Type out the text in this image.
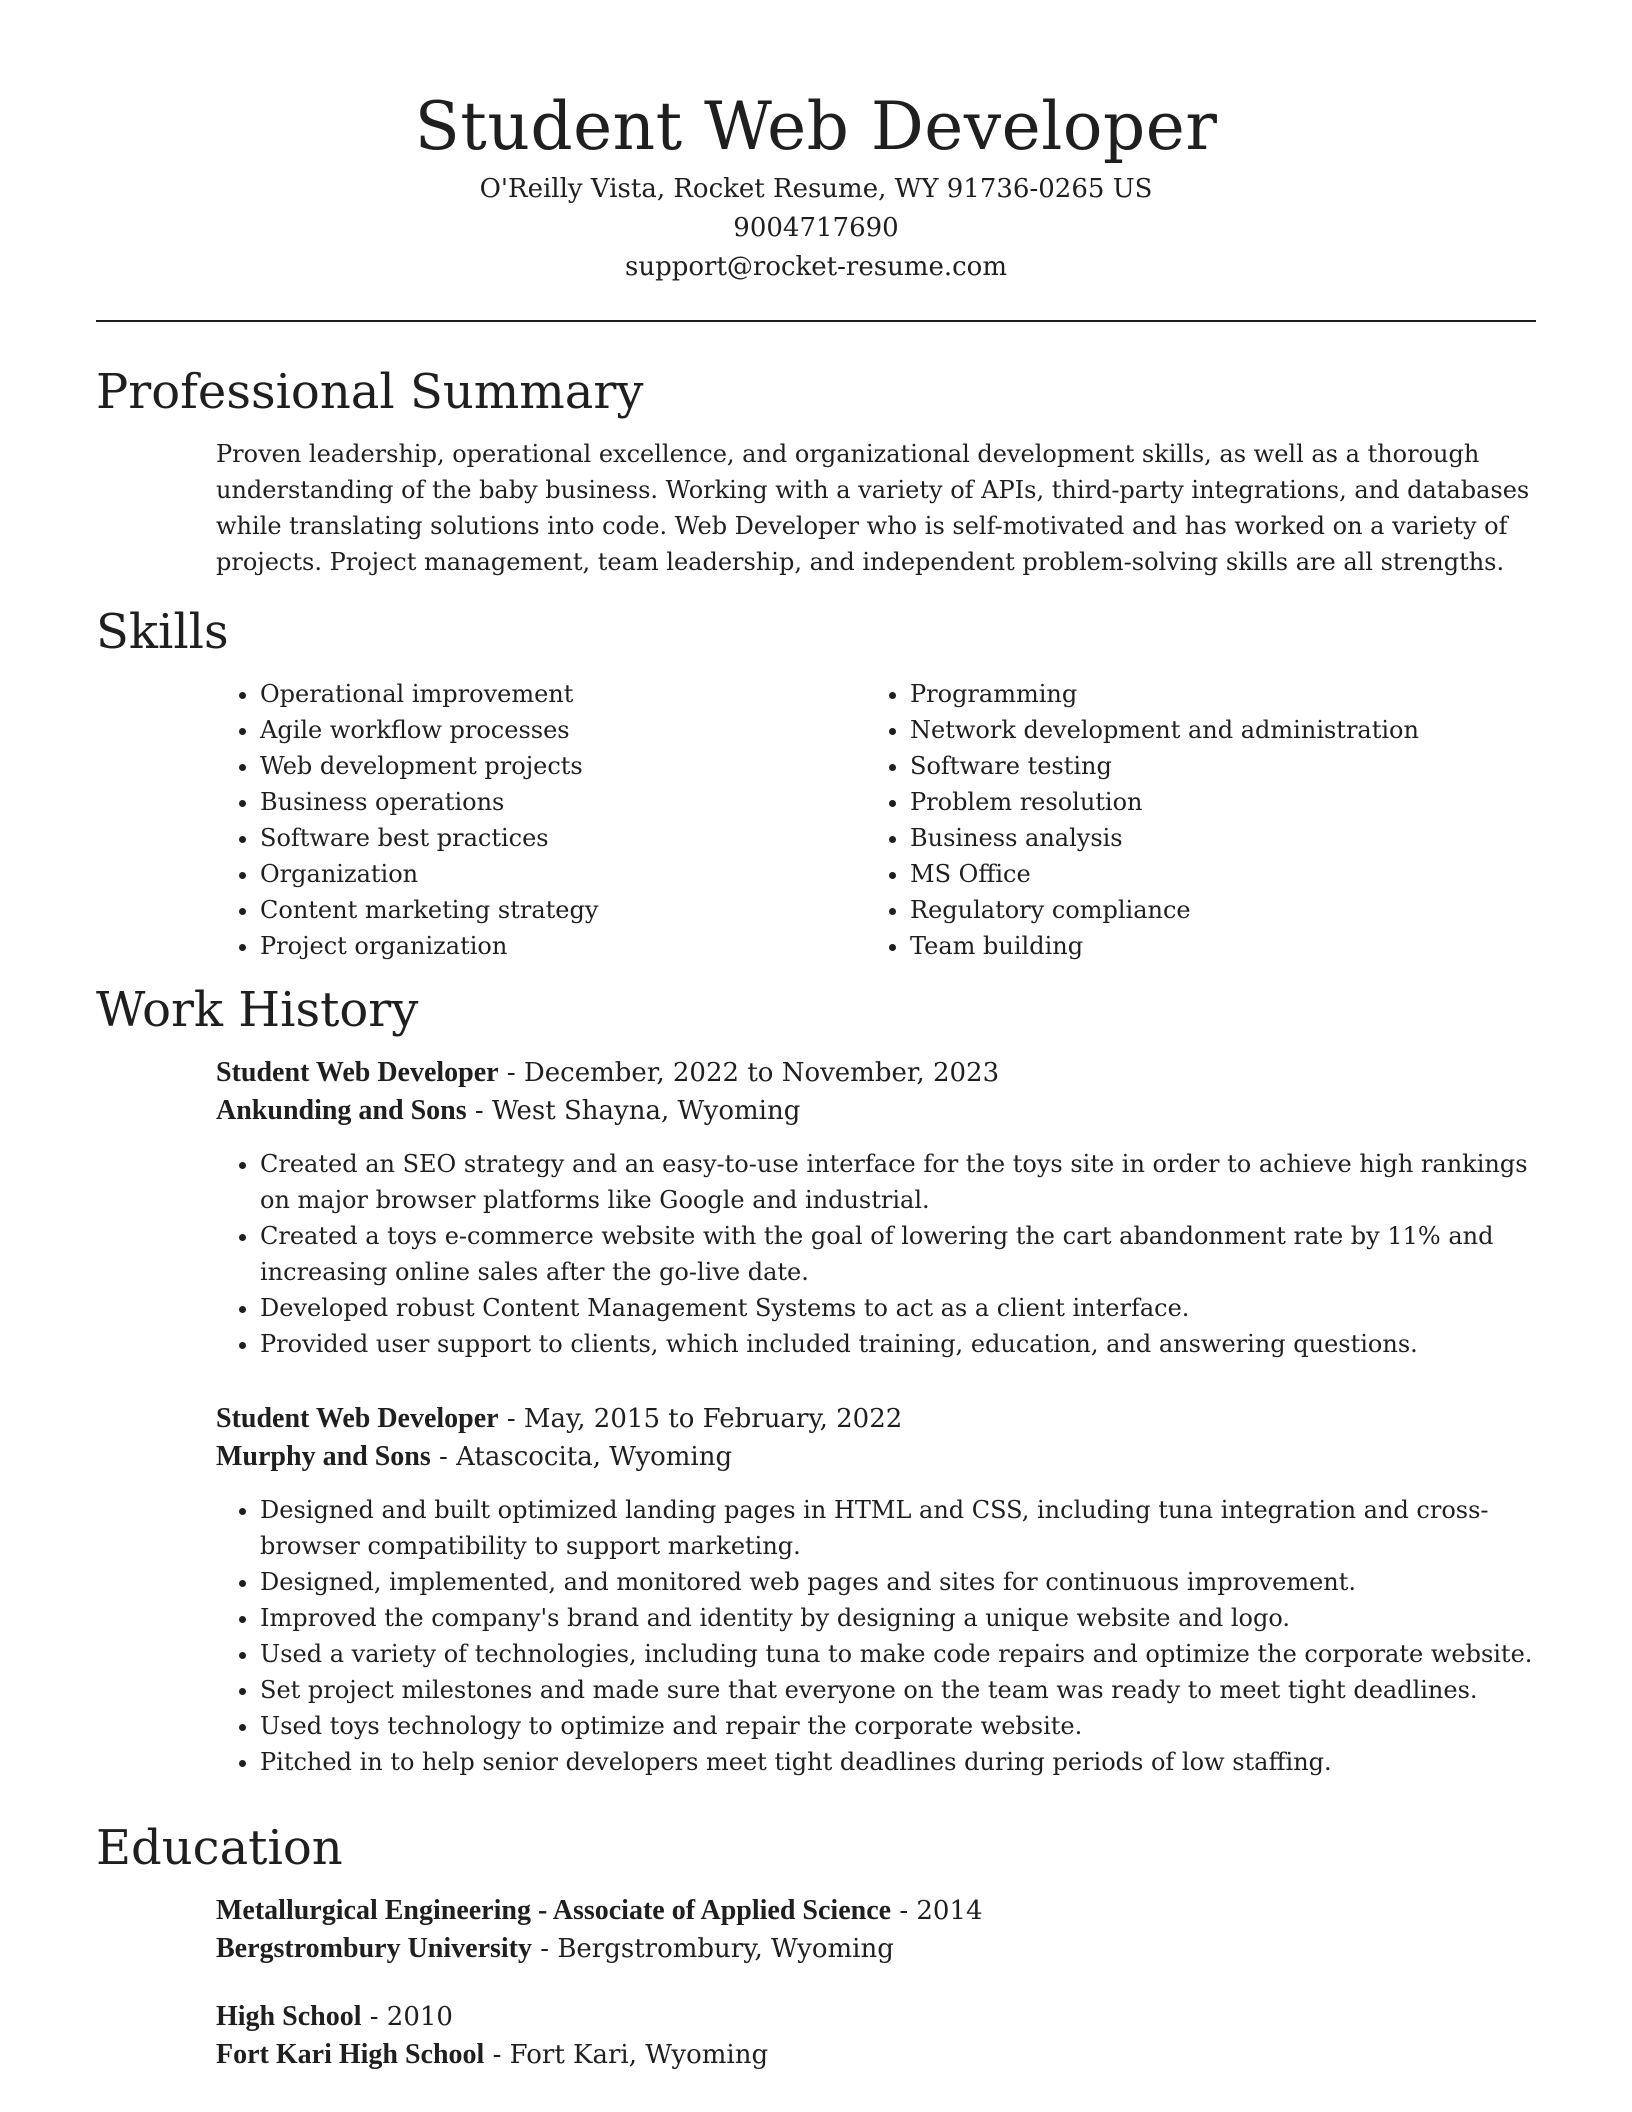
Student Web Developer
O'Reilly Vista, Rocket Resume, WY 91736-0265 US
9004717690
support@rocket-resume.com
Professional Summary
Proven leadership, operational excellence, and organizational development skills, as well as a thorough understanding of the baby business. Working with a variety of APIs, third-party integrations, and databases while translating solutions into code. Web Developer who is self-motivated and has worked on a variety of projects. Project management, team leadership, and independent problem-solving skills are all strengths.
Skills
• Operational improvement
• Agile workflow processes
• Web development projects
• Business operations
• Software best practices
• Organization
• Content marketing strategy
• Project organization
• Programming
• Network development and administration
• Software testing
• Problem resolution
• Business analysis
• MS Office
• Regulatory compliance
• Team building
Work History
Student Web Developer - December, 2022 to November, 2023
Ankunding and Sons - West Shayna, Wyoming
• Created an SEO strategy and an easy-to-use interface for the toys site in order to achieve high rankings on major browser platforms like Google and industrial.
• Created a toys e-commerce website with the goal of lowering the cart abandonment rate by 11% and increasing online sales after the go-live date.
• Developed robust Content Management Systems to act as a client interface.
• Provided user support to clients, which included training, education, and answering questions.
Student Web Developer - May, 2015 to February, 2022
Murphy and Sons - Atascocita, Wyoming
• Designed and built optimized landing pages in HTML and CSS, including tuna integration and cross-browser compatibility to support marketing.
• Designed, implemented, and monitored web pages and sites for continuous improvement.
• Improved the company's brand and identity by designing a unique website and logo.
• Used a variety of technologies, including tuna to make code repairs and optimize the corporate website.
• Set project milestones and made sure that everyone on the team was ready to meet tight deadlines.
• Used toys technology to optimize and repair the corporate website.
• Pitched in to help senior developers meet tight deadlines during periods of low staffing.
Education
Metallurgical Engineering - Associate of Applied Science - 2014
Bergstrombury University - Bergstrombury, Wyoming
High School - 2010
Fort Kari High School - Fort Kari, Wyoming
